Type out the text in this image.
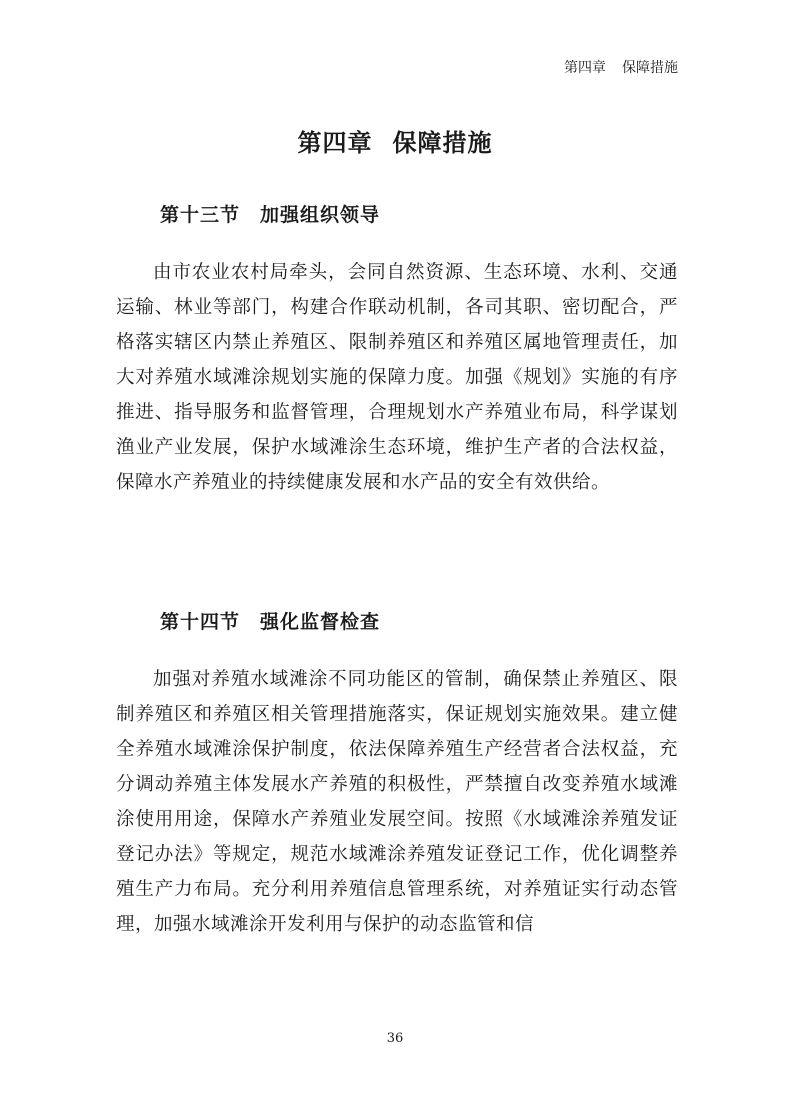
第四章 保障措施
第四章 保障措施
第十三节 加强组织领导
由市农业农村局牵头，会同自然资源、生态环境、水利、交通运输、林业等部门，构建合作联动机制，各司其职、密切配合，严格落实辖区内禁止养殖区、限制养殖区和养殖区属地管理责任，加大对养殖水域滩涂规划实施的保障力度。加强《规划》实施的有序推进、指导服务和监督管理，合理规划水产养殖业布局，科学谋划渔业产业发展，保护水域滩涂生态环境，维护生产者的合法权益，保障水产养殖业的持续健康发展和水产品的安全有效供给。
第十四节 强化监督检查
加强对养殖水域滩涂不同功能区的管制，确保禁止养殖区、限制养殖区和养殖区相关管理措施落实，保证规划实施效果。建立健全养殖水域滩涂保护制度，依法保障养殖生产经营者合法权益，充分调动养殖主体发展水产养殖的积极性，严禁擅自改变养殖水域滩涂使用用途，保障水产养殖业发展空间。按照《水域滩涂养殖发证登记办法》等规定，规范水域滩涂养殖发证登记工作，优化调整养殖生产力布局。充分利用养殖信息管理系统，对养殖证实行动态管理，加强水域滩涂开发利用与保护的动态监管和信
36
